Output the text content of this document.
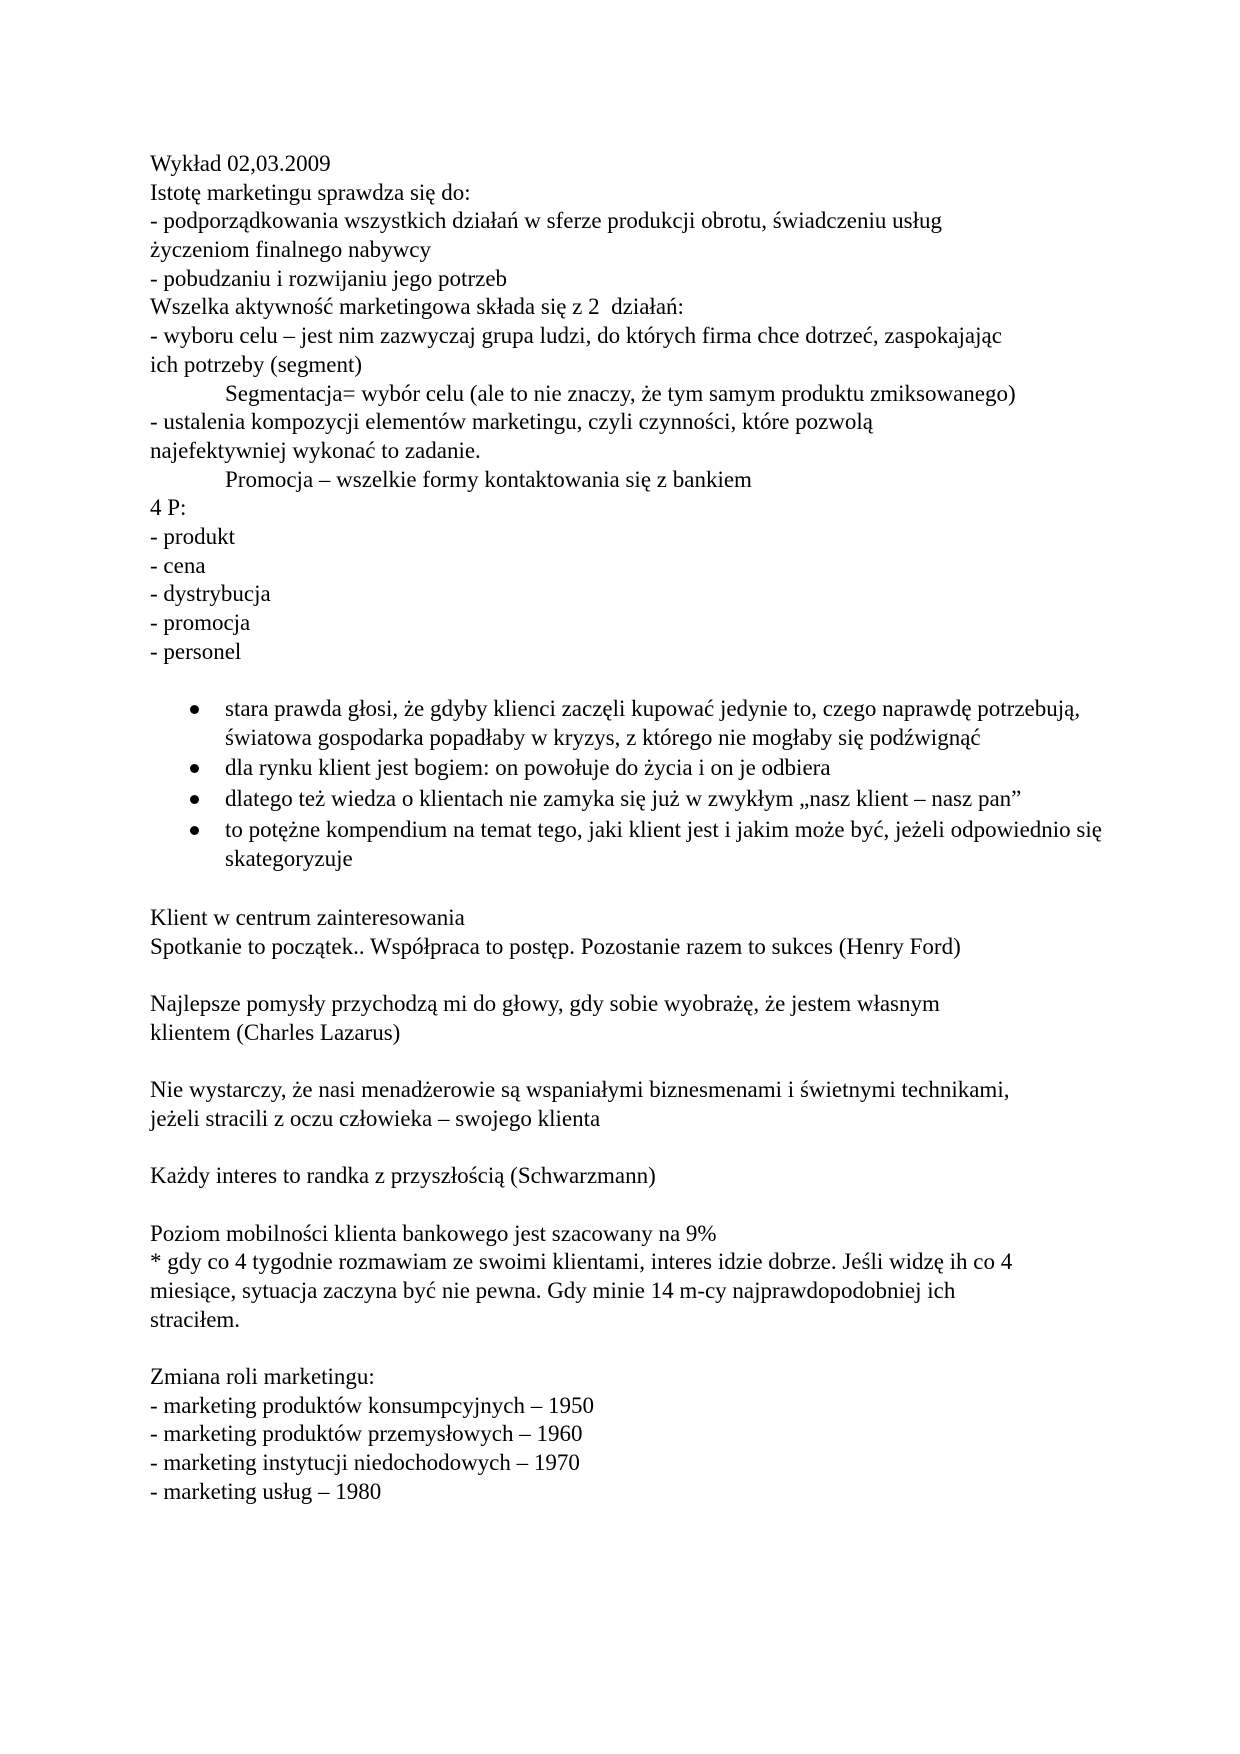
Wykład 02,03.2009
Istotę marketingu sprawdza się do:
- podporządkowania wszystkich działań w sferze produkcji obrotu, świadczeniu usług
życzeniom finalnego nabywcy
- pobudzaniu i rozwijaniu jego potrzeb
Wszelka aktywność marketingowa składa się z 2  działań:
- wyboru celu – jest nim zazwyczaj grupa ludzi, do których firma chce dotrzeć, zaspokajając
ich potrzeby (segment)
Segmentacja= wybór celu (ale to nie znaczy, że tym samym produktu zmiksowanego)
- ustalenia kompozycji elementów marketingu, czyli czynności, które pozwolą
najefektywniej wykonać to zadanie.
Promocja – wszelkie formy kontaktowania się z bankiem
4 P:
- produkt
- cena
- dystrybucja
- promocja
- personel
stara prawda głosi, że gdyby klienci zaczęli kupować jedynie to, czego naprawdę potrzebują, światowa gospodarka popadłaby w kryzys, z którego nie mogłaby się podźwignąć
dla rynku klient jest bogiem: on powołuje do życia i on je odbiera
dlatego też wiedza o klientach nie zamyka się już w zwykłym „nasz klient – nasz pan”
to potężne kompendium na temat tego, jaki klient jest i jakim może być, jeżeli odpowiednio się skategoryzuje
Klient w centrum zainteresowania
Spotkanie to początek.. Współpraca to postęp. Pozostanie razem to sukces (Henry Ford)
Najlepsze pomysły przychodzą mi do głowy, gdy sobie wyobrażę, że jestem własnym
klientem (Charles Lazarus)
Nie wystarczy, że nasi menadżerowie są wspaniałymi biznesmenami i świetnymi technikami,
jeżeli stracili z oczu człowieka – swojego klienta
Każdy interes to randka z przyszłością (Schwarzmann)
Poziom mobilności klienta bankowego jest szacowany na 9%
* gdy co 4 tygodnie rozmawiam ze swoimi klientami, interes idzie dobrze. Jeśli widzę ih co 4
miesiące, sytuacja zaczyna być nie pewna. Gdy minie 14 m-cy najprawdopodobniej ich
straciłem.
Zmiana roli marketingu:
- marketing produktów konsumpcyjnych – 1950
- marketing produktów przemysłowych – 1960
- marketing instytucji niedochodowych – 1970
- marketing usług – 1980
